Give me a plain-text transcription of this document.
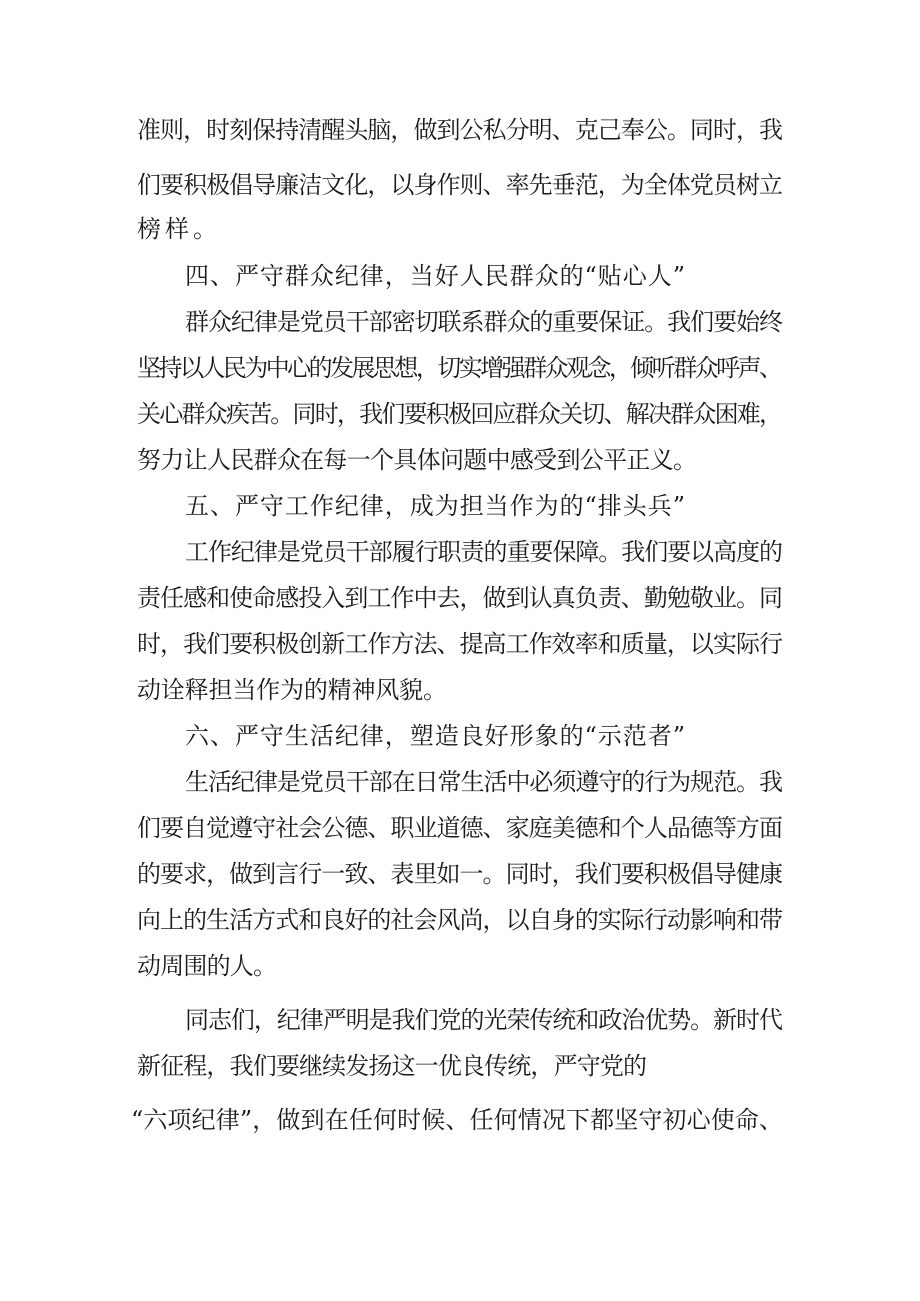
准则，时刻保持清醒头脑，做到公私分明、克己奉公。同时，我
们要积极倡导廉洁文化，以身作则、率先垂范，为全体党员树立
榜样。
四、严守群众纪律，当好人民群众的“贴心人”
群众纪律是党员干部密切联系群众的重要保证。我们要始终
坚持以人民为中心的发展思想，切实增强群众观念，倾听群众呼声、
关心群众疾苦。同时，我们要积极回应群众关切、解决群众困难，
努力让人民群众在每一个具体问题中感受到公平正义。
五、严守工作纪律，成为担当作为的“排头兵”
工作纪律是党员干部履行职责的重要保障。我们要以高度的
责任感和使命感投入到工作中去，做到认真负责、勤勉敬业。同
时，我们要积极创新工作方法、提高工作效率和质量，以实际行
动诠释担当作为的精神风貌。
六、严守生活纪律，塑造良好形象的“示范者”
生活纪律是党员干部在日常生活中必须遵守的行为规范。我
们要自觉遵守社会公德、职业道德、家庭美德和个人品德等方面
的要求，做到言行一致、表里如一。同时，我们要积极倡导健康
向上的生活方式和良好的社会风尚，以自身的实际行动影响和带
动周围的人。
同志们，纪律严明是我们党的光荣传统和政治优势。新时代
新征程，我们要继续发扬这一优良传统，严守党的
“六项纪律”，做到在任何时候、任何情况下都坚守初心使命、
